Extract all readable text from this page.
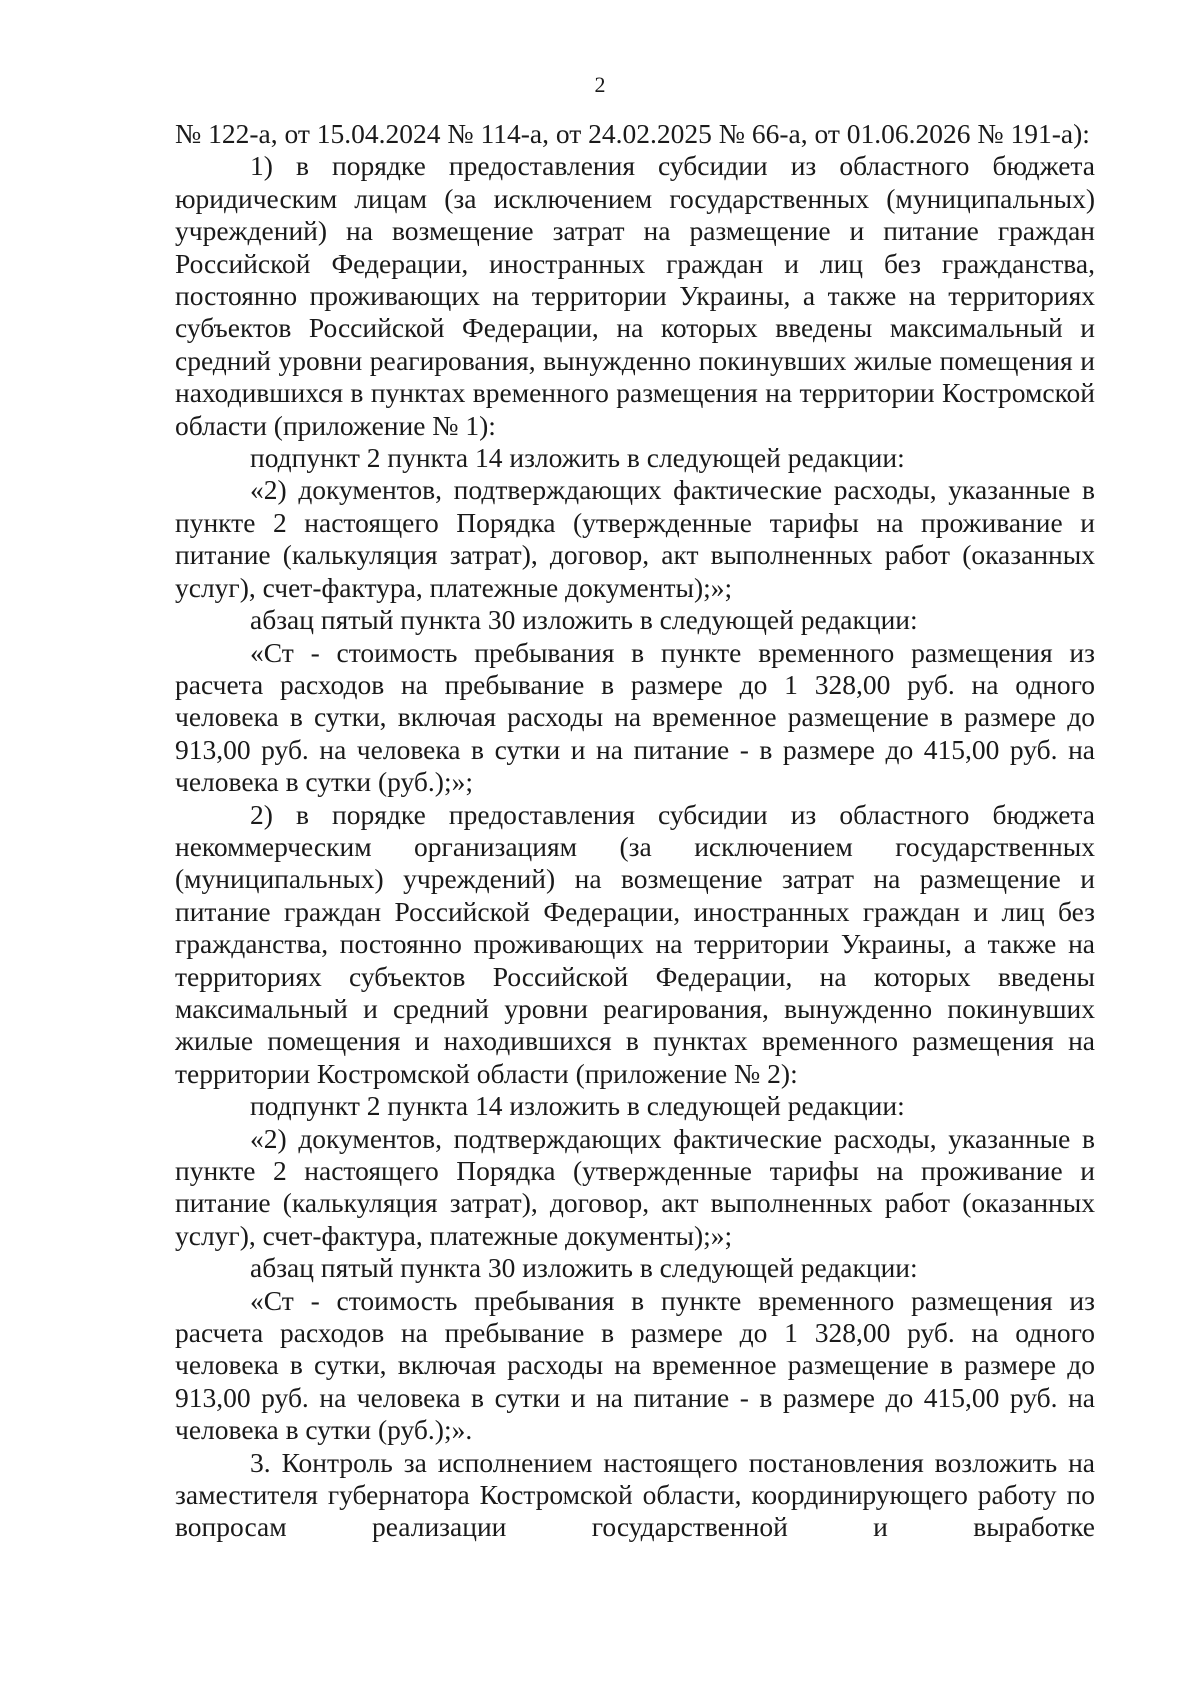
2

№ 122-а, от 15.04.2024 № 114-а, от 24.02.2025 № 66-а, от 01.06.2026 № 191-а):

1) в порядке предоставления субсидии из областного бюджета юридическим лицам (за исключением государственных (муниципальных) учреждений) на возмещение затрат на размещение и питание граждан Российской Федерации, иностранных граждан и лиц без гражданства, постоянно проживающих на территории Украины, а также на территориях субъектов Российской Федерации, на которых введены максимальный и средний уровни реагирования, вынужденно покинувших жилые помещения и находившихся в пунктах временного размещения на территории Костромской области (приложение № 1):

подпункт 2 пункта 14 изложить в следующей редакции:

«2) документов, подтверждающих фактические расходы, указанные в пункте 2 настоящего Порядка (утвержденные тарифы на проживание и питание (калькуляция затрат), договор, акт выполненных работ (оказанных услуг), счет-фактура, платежные документы);»;

абзац пятый пункта 30 изложить в следующей редакции:

«Ст - стоимость пребывания в пункте временного размещения из расчета расходов на пребывание в размере до 1 328,00 руб. на одного человека в сутки, включая расходы на временное размещение в размере до 913,00 руб. на человека в сутки и на питание - в размере до 415,00 руб. на человека в сутки (руб.);»;

2) в порядке предоставления субсидии из областного бюджета некоммерческим организациям (за исключением государственных (муниципальных) учреждений) на возмещение затрат на размещение и питание граждан Российской Федерации, иностранных граждан и лиц без гражданства, постоянно проживающих на территории Украины, а также на территориях субъектов Российской Федерации, на которых введены максимальный и средний уровни реагирования, вынужденно покинувших жилые помещения и находившихся в пунктах временного размещения на территории Костромской области (приложение № 2):

подпункт 2 пункта 14 изложить в следующей редакции:

«2) документов, подтверждающих фактические расходы, указанные в пункте 2 настоящего Порядка (утвержденные тарифы на проживание и питание (калькуляция затрат), договор, акт выполненных работ (оказанных услуг), счет-фактура, платежные документы);»;

абзац пятый пункта 30 изложить в следующей редакции:

«Ст - стоимость пребывания в пункте временного размещения из расчета расходов на пребывание в размере до 1 328,00 руб. на одного человека в сутки, включая расходы на временное размещение в размере до 913,00 руб. на человека в сутки и на питание - в размере до 415,00 руб. на человека в сутки (руб.);».

3. Контроль за исполнением настоящего постановления возложить на заместителя губернатора Костромской области, координирующего работу по вопросам реализации государственной и выработке
